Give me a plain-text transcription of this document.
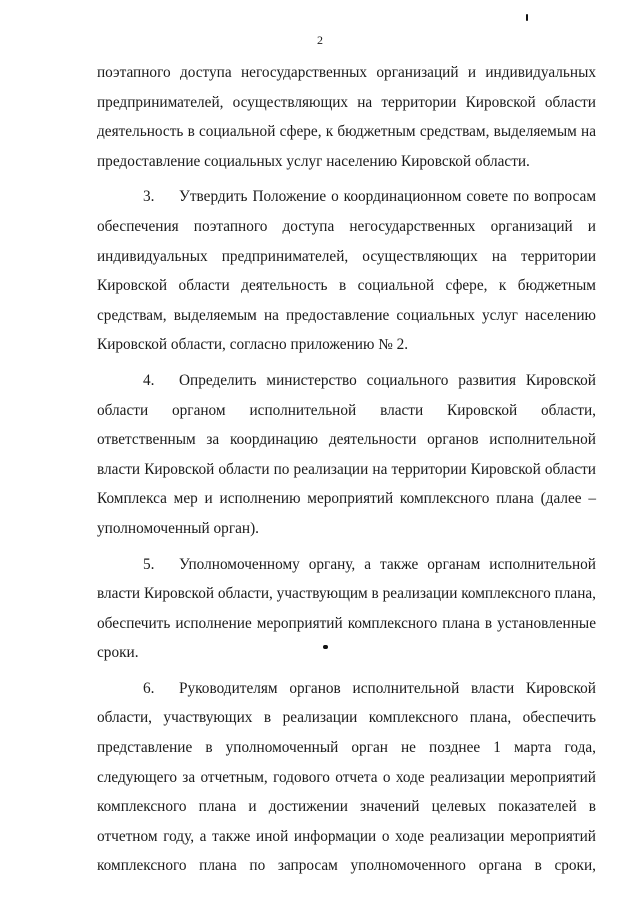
2

поэтапного доступа негосударственных организаций и индивидуальных предпринимателей, осуществляющих на территории Кировской области деятельность в социальной сфере, к бюджетным средствам, выделяемым на предоставление социальных услуг населению Кировской области.

3. Утвердить Положение о координационном совете по вопросам обеспечения поэтапного доступа негосударственных организаций и индивидуальных предпринимателей, осуществляющих на территории Кировской области деятельность в социальной сфере, к бюджетным средствам, выделяемым на предоставление социальных услуг населению Кировской области, согласно приложению № 2.

4. Определить министерство социального развития Кировской области органом исполнительной власти Кировской области, ответственным за координацию деятельности органов исполнительной власти Кировской области по реализации на территории Кировской области Комплекса мер и исполнению мероприятий комплексного плана (далее – уполномоченный орган).

5. Уполномоченному органу, а также органам исполнительной власти Кировской области, участвующим в реализации комплексного плана, обеспечить исполнение мероприятий комплексного плана в установленные сроки.

6. Руководителям органов исполнительной власти Кировской области, участвующих в реализации комплексного плана, обеспечить представление в уполномоченный орган не позднее 1 марта года, следующего за отчетным, годового отчета о ходе реализации мероприятий комплексного плана и достижении значений целевых показателей в отчетном году, а также иной информации о ходе реализации мероприятий комплексного плана по запросам уполномоченного органа в сроки,
